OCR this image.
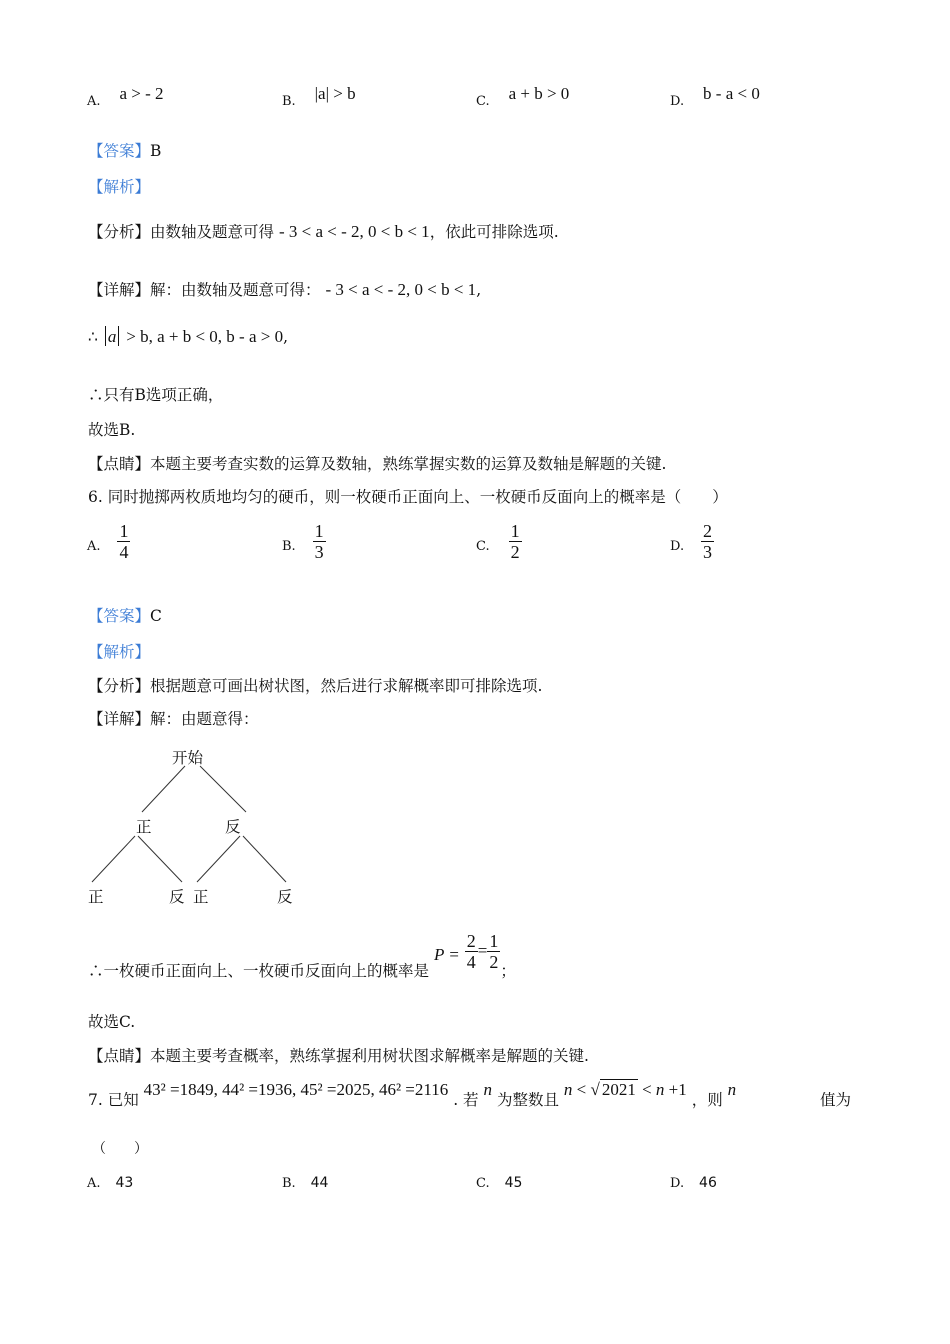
A. a > - 2	$_{B.}$ |a| > b	C. a + b > 0	D. b - a < 0
【答案】B
【解析】
【分析】由数轴及题意可得 - 3 < a < - 2, 0 < b < 1，依此可排除选项.
【详解】解：由数轴及题意可得： - 3 < a < - 2, 0 < b < 1,
∴ a > b, a + b < 0, b - a > 0,
∴只有B选项正确，
故选B.
【点睛】本题主要考查实数的运算及数轴，熟练掌握实数的运算及数轴是解题的关键.
6. 同时抛掷两枚质地均匀的硬币，则一枚硬币正面向上、一枚硬币反面向上的概率是（　　）
$_{A.} \frac{1}{4}$	$_{B.} \frac{1}{3}$	$_{C.} \frac{1}{2}$	$_{D.} \frac{2}{3}$
【答案】C
【解析】
【分析】根据题意可画出树状图，然后进行求解概率即可排除选项.
【详解】解：由题意得：
开始
正	反
正	反 正	反
∴一枚硬币正面向上、一枚硬币反面向上的概率是 $P = \frac{2}{4} = \frac{1}{2}$ ；
故选C.
【点睛】本题主要考查概率，熟练掌握利用树状图求解概率是解题的关键.
7. 已知 43² =1849, 44² =1936, 45² =2025, 46² =2116 . 若 n 为整数且 n < √ 2021 < n +1 ，则 n
值为
（　　）
A. 43	B. 44	C. 45	D. 46
